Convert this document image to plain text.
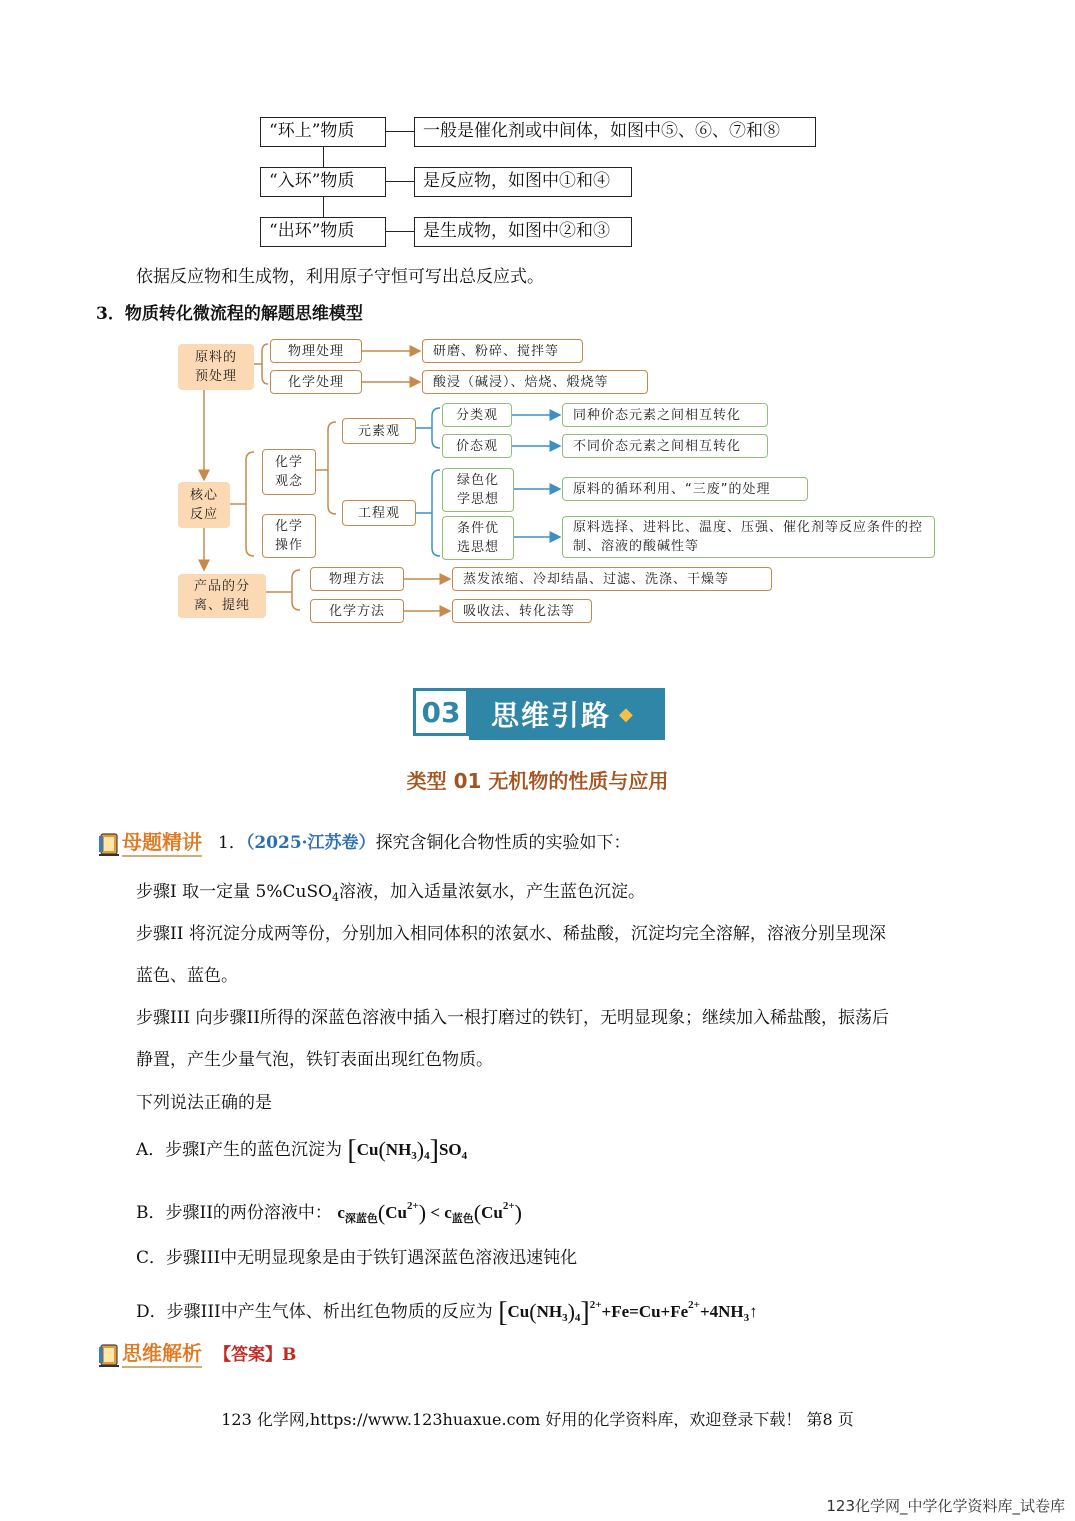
“环上”物质	一般是催化剂或中间体，如图中⑤、⑥、⑦和⑧
“入环”物质	是反应物，如图中①和④
“出环”物质	是生成物，如图中②和③
依据反应物和生成物，利用原子守恒可写出总反应式。
3．物质转化微流程的解题思维模型
原料的预处理
物理处理
化学处理
研磨、粉碎、搅拌等
酸浸（碱浸）、焙烧、煅烧等
核心反应
化学观念
化学操作
元素观
工程观
分类观
价态观
绿色化学思想
条件优选思想
同种价态元素之间相互转化
不同价态元素之间相互转化
原料的循环利用、“三废”的处理
原料选择、进料比、温度、压强、催化剂等反应条件的控制、溶液的酸碱性等
产品的分离、提纯
物理方法
化学方法
蒸发浓缩、冷却结晶、过滤、洗涤、干燥等
吸收法、转化法等
03	思维引路 ◆
类型 01 无机物的性质与应用
母题精讲 1．（2025·江苏卷）探究含铜化合物性质的实验如下：
步骤I 取一定量 5%CuSO$_4$溶液，加入适量浓氨水，产生蓝色沉淀。
步骤II 将沉淀分成两等份，分别加入相同体积的浓氨水、稀盐酸，沉淀均完全溶解，溶液分别呈现深
蓝色、蓝色。
步骤III 向步骤II所得的深蓝色溶液中插入一根打磨过的铁钉，无明显现象；继续加入稀盐酸，振荡后
静置，产生少量气泡，铁钉表面出现红色物质。
下列说法正确的是
A．步骤I产生的蓝色沉淀为 $[Cu(NH_3)_4]SO_4$
B．步骤II的两份溶液中： $c_{深蓝色}(Cu^{2+}) < c_{蓝色}(Cu^{2+})$
C．步骤III中无明显现象是由于铁钉遇深蓝色溶液迅速钝化
D．步骤III中产生气体、析出红色物质的反应为 $[Cu(NH_3)_4]^{2+}+Fe=Cu+Fe^{2+}+4NH_3↑$
思维解析 【答案】B
123 化学网,https://www.123huaxue.com 好用的化学资料库，欢迎登录下载！ 第8 页
123化学网_中学化学资料库_试卷库
